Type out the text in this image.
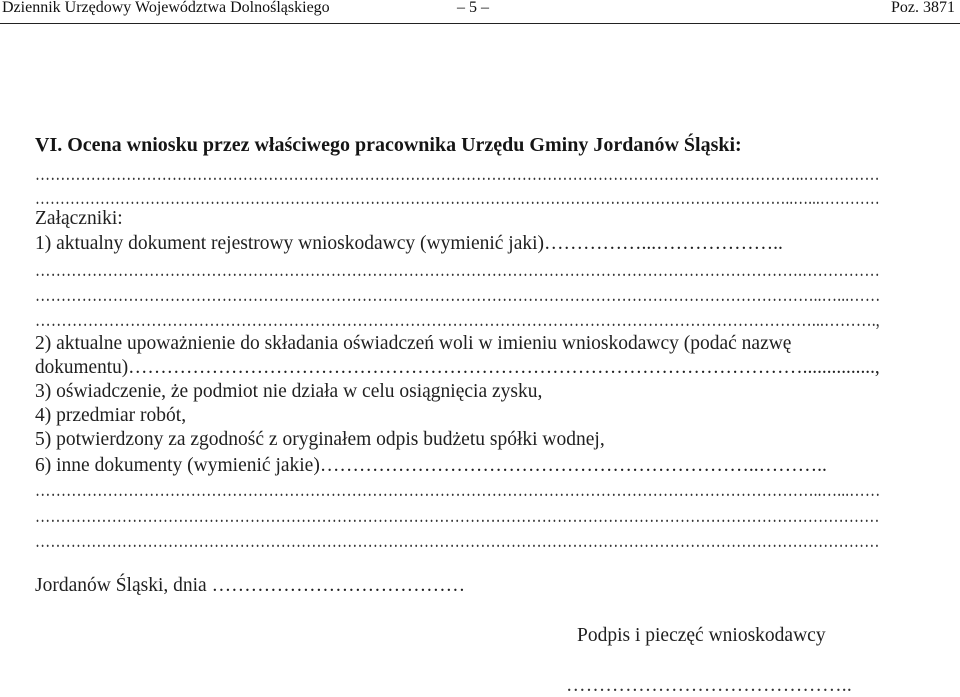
Dziennik Urzędowy Województwa Dolnośląskiego	– 5 –	Poz. 3871
VI. Ocena wniosku przez właściwego pracownika Urzędu Gminy Jordanów Śląski:
……………………………………………………………………………………………………………………………………..……………
……………………………………………………………………………………………………………………………………..…...…………
Załączniki:
1) aktualny dokument rejestrowy wnioskodawcy (wymienić jaki)……………...………………..
………………………………………………………………………………………………………………………………….……………
……………………………………………………………………………………………………………………………………..…...……
…………………………………………………………………………………………………………………………………...……….,
2) aktualne upoważnienie do składania oświadczeń woli w imieniu wnioskodawcy (podać nazwę
dokumentu)……………………………………………………………………………………………...............,
3) oświadczenie, że podmiot nie działa w celu osiągnięcia zysku,
4) przedmiar robót,
5) potwierdzony za zgodność z oryginałem odpis budżetu spółki wodnej,
6) inne dokumenty (wymienić jakie)…………………………………………………………..………..
……………………………………………………………………………………………………………………………………..…...……
…………………………………………………………………………………………………………………………………………………
…………………………………………………………………………………………………………………………………………………
Jordanów Śląski, dnia …………………………………
Podpis i pieczęć wnioskodawcy
……………………………………..
